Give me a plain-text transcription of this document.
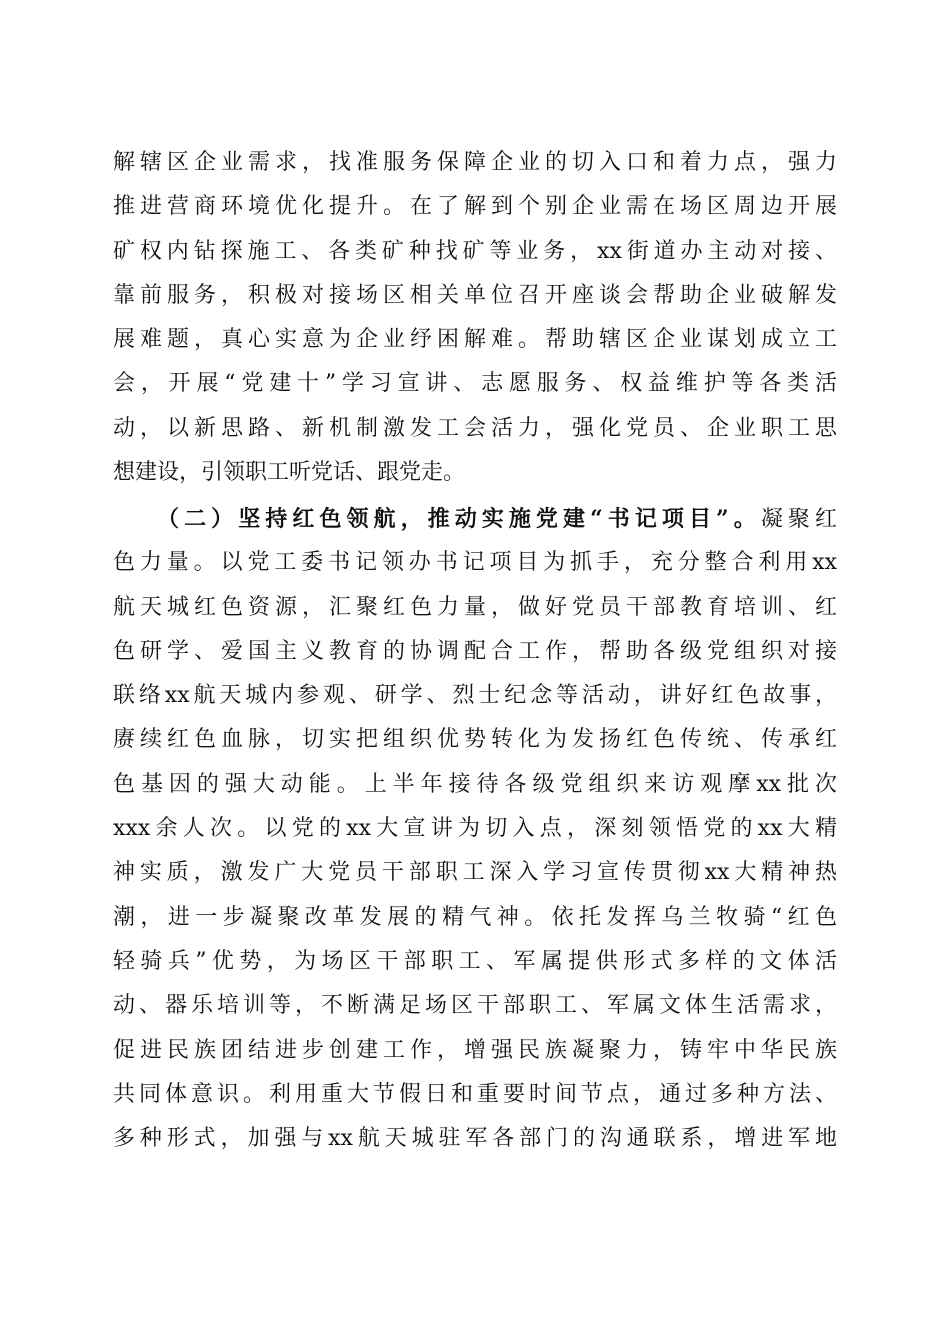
解辖区企业需求，找准服务保障企业的切入口和着力点，强力
推进营商环境优化提升。在了解到个别企业需在场区周边开展
矿权内钻探施工、各类矿种找矿等业务，xx街道办主动对接、
靠前服务，积极对接场区相关单位召开座谈会帮助企业破解发
展难题，真心实意为企业纾困解难。帮助辖区企业谋划成立工
会，开展“党建十”学习宣讲、志愿服务、权益维护等各类活
动，以新思路、新机制激发工会活力，强化党员、企业职工思
想建设，引领职工听党话、跟党走。
（二）坚持红色领航，推动实施党建“书记项目”。凝聚红
色力量。以党工委书记领办书记项目为抓手，充分整合利用xx
航天城红色资源，汇聚红色力量，做好党员干部教育培训、红
色研学、爱国主义教育的协调配合工作，帮助各级党组织对接
联络xx航天城内参观、研学、烈士纪念等活动，讲好红色故事，
赓续红色血脉，切实把组织优势转化为发扬红色传统、传承红
色基因的强大动能。上半年接待各级党组织来访观摩xx批次
xxx余人次。以党的xx大宣讲为切入点，深刻领悟党的xx大精
神实质，激发广大党员干部职工深入学习宣传贯彻xx大精神热
潮，进一步凝聚改革发展的精气神。依托发挥乌兰牧骑“红色
轻骑兵”优势，为场区干部职工、军属提供形式多样的文体活
动、器乐培训等，不断满足场区干部职工、军属文体生活需求，
促进民族团结进步创建工作，增强民族凝聚力，铸牢中华民族
共同体意识。利用重大节假日和重要时间节点，通过多种方法、
多种形式，加强与xx航天城驻军各部门的沟通联系，增进军地
